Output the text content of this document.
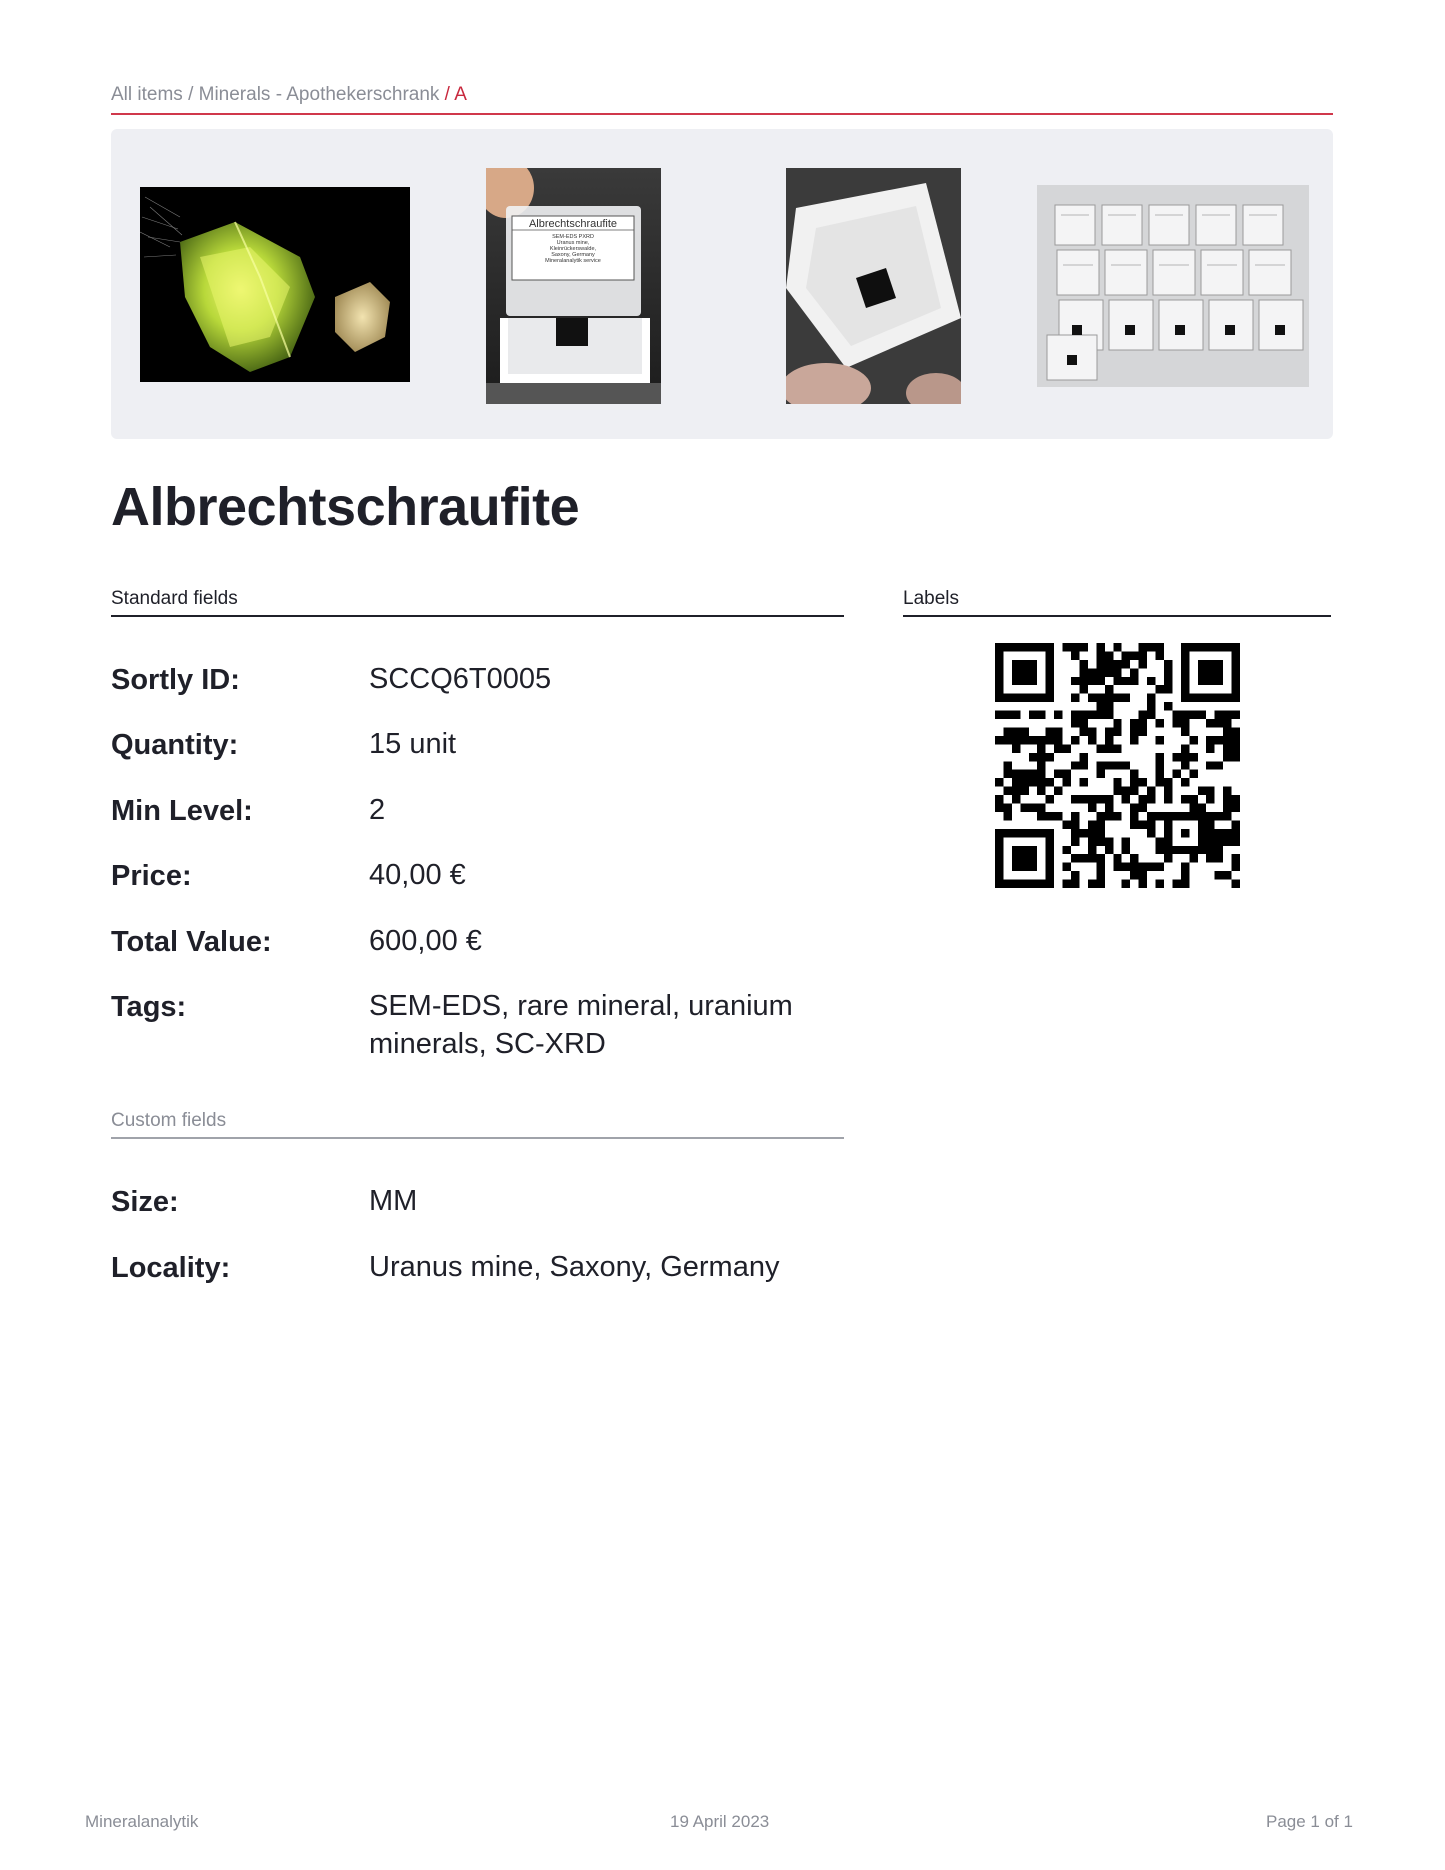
All items / Minerals - Apothekerschrank / A
Albrechtschraufite
SEM-EDS PXRD
Uranus mine,
Kleinrückerswalde,
Saxony, Germany
Mineralanalytik service
Albrechtschraufite
Standard fields
Sortly ID:	SCCQ6T0005
Quantity:	15 unit
Min Level:	2
Price:	40,00 €
Total Value:	600,00 €
Tags:	SEM-EDS, rare mineral, uranium minerals, SC-XRD
Custom fields
Size:	MM
Locality:	Uranus mine, Saxony, Germany
Labels
Mineralanalytik	19 April 2023	Page 1 of 1
